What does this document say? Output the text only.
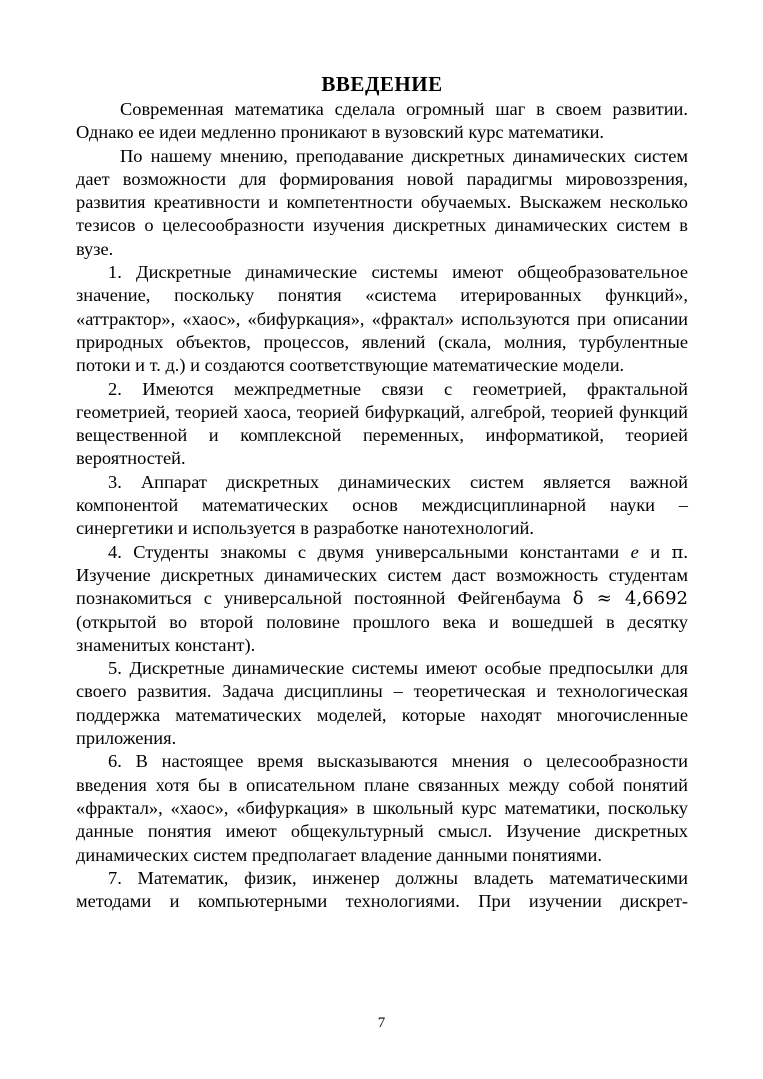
ВВЕДЕНИЕ

Современная математика сделала огромный шаг в своем развитии. Однако ее идеи медленно проникают в вузовский курс математики.

По нашему мнению, преподавание дискретных динамических систем дает возможности для формирования новой парадигмы мировоззрения, развития креативности и компетентности обучаемых. Выскажем несколько тезисов о целесообразности изучения дискретных динамических систем в вузе.

1. Дискретные динамические системы имеют общеобразовательное значение, поскольку понятия «система итерированных функций», «аттрактор», «хаос», «бифуркация», «фрактал» используются при описании природных объектов, процессов, явлений (скала, молния, турбулентные потоки и т. д.) и создаются соответствующие математические модели.

2. Имеются межпредметные связи с геометрией, фрактальной геометрией, теорией хаоса, теорией бифуркаций, алгеброй, теорией функций вещественной и комплексной переменных, информатикой, теорией вероятностей.

3. Аппарат дискретных динамических систем является важной компонентой математических основ междисциплинарной науки – синергетики и используется в разработке нанотехнологий.

4. Студенты знакомы с двумя универсальными константами e и π. Изучение дискретных динамических систем даст возможность студентам познакомиться с универсальной постоянной Фейгенбаума δ ≈ 4,6692 (открытой во второй половине прошлого века и вошедшей в десятку знаменитых констант).

5. Дискретные динамические системы имеют особые предпосылки для своего развития. Задача дисциплины – теоретическая и технологическая поддержка математических моделей, которые находят многочисленные приложения.

6. В настоящее время высказываются мнения о целесообразности введения хотя бы в описательном плане связанных между собой понятий «фрактал», «хаос», «бифуркация» в школьный курс математики, поскольку данные понятия имеют общекультурный смысл. Изучение дискретных динамических систем предполагает владение данными понятиями.

7. Математик, физик, инженер должны владеть математическими методами и компьютерными технологиями. При изучении дискрет-

7
